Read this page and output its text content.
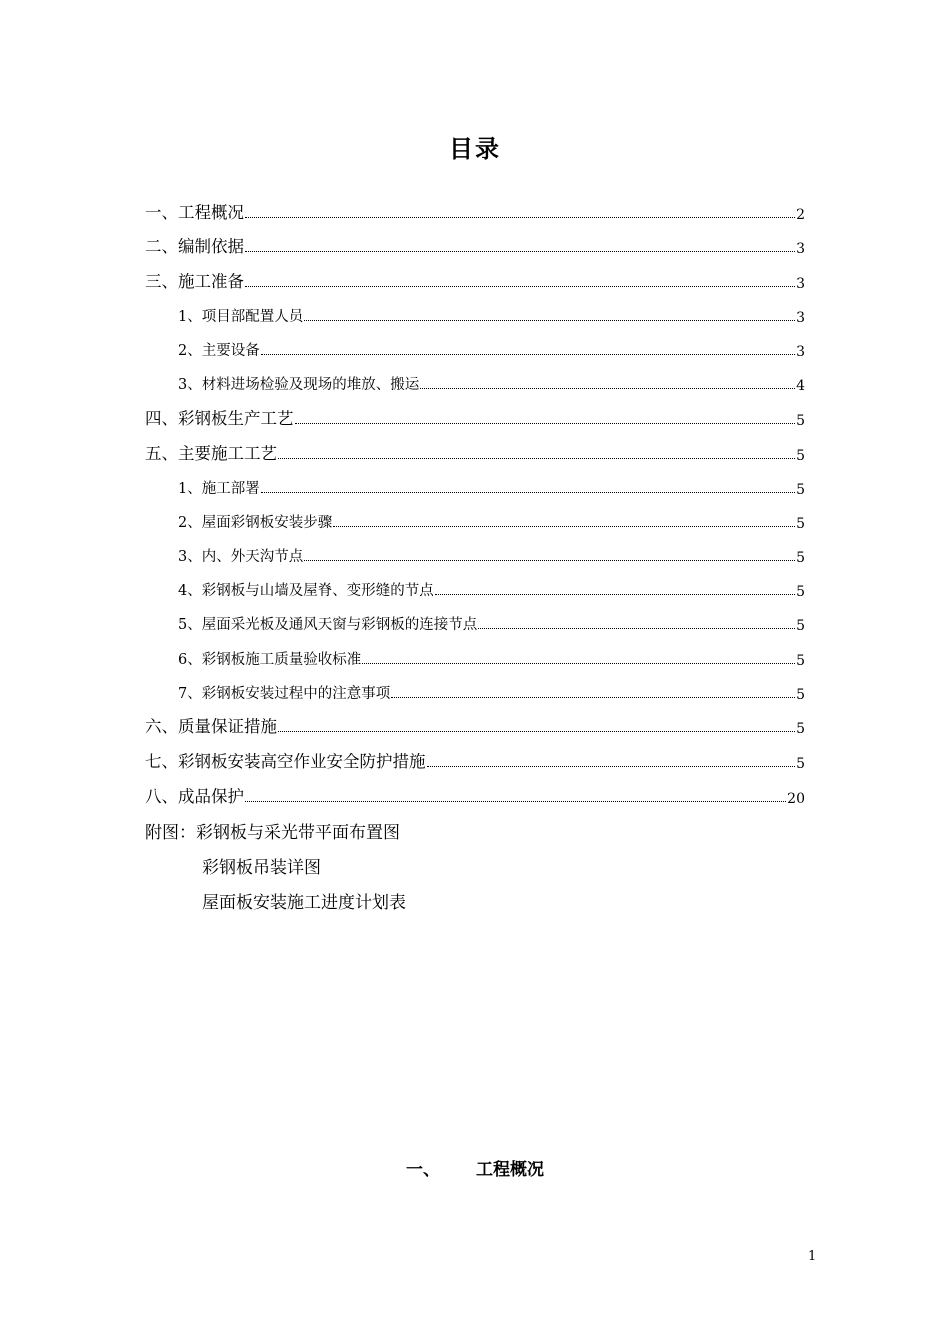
目录
一、工程概况	2
二、编制依据	3
三、施工准备	3
1、项目部配置人员	3
2、主要设备	3
3、材料进场检验及现场的堆放、搬运	4
四、彩钢板生产工艺	5
五、主要施工工艺	5
1、施工部署	5
2、屋面彩钢板安装步骤	5
3、内、外天沟节点	5
4、彩钢板与山墙及屋脊、变形缝的节点	5
5、屋面采光板及通风天窗与彩钢板的连接节点	5
6、彩钢板施工质量验收标准	5
7、彩钢板安装过程中的注意事项	5
六、质量保证措施	5
七、彩钢板安装高空作业安全防护措施	5
八、成品保护	20
附图：彩钢板与采光带平面布置图
彩钢板吊装详图
屋面板安装施工进度计划表
一、 工程概况
1
